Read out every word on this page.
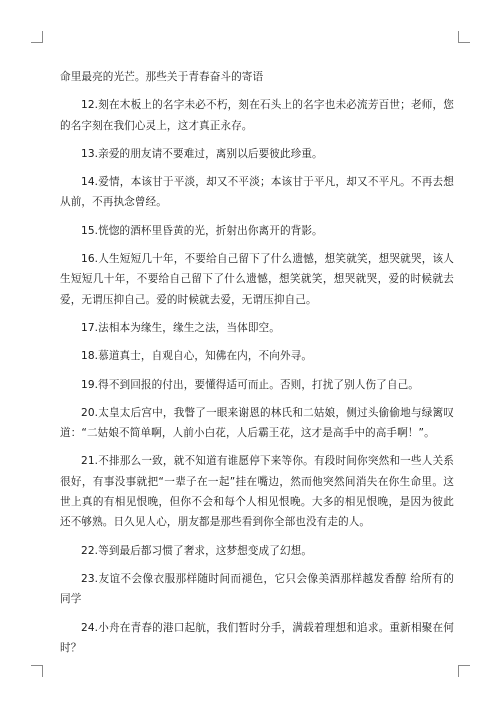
命里最亮的光芒。那些关于青春奋斗的寄语

12.刻在木板上的名字未必不朽，刻在石头上的名字也未必流芳百世；老师，您的名字刻在我们心灵上，这才真正永存。

13.亲爱的朋友请不要难过，离别以后要彼此珍重。

14.爱情，本该甘于平淡，却又不平淡；本该甘于平凡，却又不平凡。不再去想从前，不再执念曾经。

15.恍惚的酒杯里昏黄的光，折射出你离开的背影。

16.人生短短几十年，不要给自己留下了什么遗憾，想笑就笑，想哭就哭，该人生短短几十年，不要给自己留下了什么遗憾，想笑就笑，想哭就哭，爱的时候就去爱，无谓压抑自己。爱的时候就去爱，无谓压抑自己。

17.法相本为缘生，缘生之法，当体即空。

18.慕道真士，自观自心，知佛在内，不向外寻。

19.得不到回报的付出，要懂得适可而止。否则，打扰了别人伤了自己。

20.太皇太后宫中，我瞥了一眼来谢恩的林氏和二姑娘，侧过头偷偷地与绿篱叹道：“二姑娘不简单啊，人前小白花，人后霸王花，这才是高手中的高手啊！”。

21.不排那么一致，就不知道有谁愿停下来等你。有段时间你突然和一些人关系很好，有事没事就把“一辈子在一起”挂在嘴边，然而他突然间消失在你生命里。这世上真的有相见恨晚，但你不会和每个人相见恨晚。大多的相见恨晚，是因为彼此还不够熟。日久见人心，朋友都是那些看到你全部也没有走的人。

22.等到最后都习惯了奢求，这梦想变成了幻想。

23.友谊不会像衣服那样随时间而褪色，它只会像美酒那样越发香醇 给所有的同学

24.小舟在青春的港口起航，我们暂时分手，满载着理想和追求。重新相聚在何时？
